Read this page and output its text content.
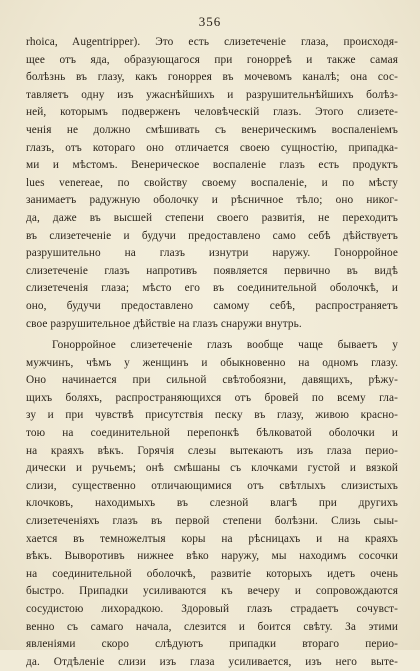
356
rhoica, Augentripper). Это есть слизетеченіе глаза, происходя-
щее отъ яда, образующагося при гонорреѣ и также самая
болѣзнь въ глазу, какъ гоноррея въ мочевомъ каналѣ; она сос-
тавляетъ одну изъ ужаснѣйшихъ и разрушительнѣйшихъ болѣз-
ней, которымъ подверженъ человѣческій глазъ. Этого слизете-
ченія не должно смѣшивать съ венерическимъ воспаленіемъ
глазъ, отъ котораго оно отличается своею сущностію, припадка-
ми и мѣстомъ. Венерическое воспаленіе глазъ есть продуктъ
lues venereae, по свойству своему воспаленіе, и по мѣсту
занимаетъ радужную оболочку и рѣсничное тѣло; оно никог-
да, даже въ высшей степени своего развитія, не переходитъ
въ слизетеченіе и будучи предоставлено само себѣ дѣйствуетъ
разрушительно на глазъ изнутри наружу. Гонорройное
слизетеченіе глазъ напротивъ появляется первично въ видѣ
слизетеченія глаза; мѣсто его въ соединительной оболочкѣ, и
оно, будучи предоставлено самому себѣ, распространяетъ
свое разрушительное дѣйствіе на глазъ снаружи внутрь.
Гонорройное слизетеченіе глазъ вообще чаще бываетъ у
мужчинъ, чѣмъ у женщинъ и обыкновенно на одномъ глазу.
Оно начинается при сильной свѣтобоязни, давящихъ, рѣжу-
щихъ боляхъ, распространяющихся отъ бровей по всему гла-
зу и при чувствѣ присутствія песку въ глазу, живою красно-
тою на соединительной перепонкѣ бѣлковатой оболочки и
на краяхъ вѣкъ. Горячія слезы вытекаютъ изъ глаза перио-
дически и ручьемъ; онѣ смѣшаны съ клочками густой и вязкой
слизи, существенно отличающимися отъ свѣтлыхъ слизистыхъ
клочковъ, находимыхъ въ слезной влагѣ при другихъ
слизетеченіяхъ глазъ въ первой степени болѣзни. Слизь сыы-
хается въ темножелтыя коры на рѣсницахъ и на краяхъ
вѣкъ. Выворотивъ нижнее вѣко наружу, мы находимъ сосочки
на соединительной оболочкѣ, развитіе которыхъ идетъ очень
быстро. Припадки усиливаются къ вечеру и сопровождаются
сосудистою лихорадкою. Здоровый глазъ страдаетъ сочувст-
венно съ самаго начала, слезится и боится свѣту. За этими
явленіями скоро слѣдуютъ припадки втораго перио-
да. Отдѣленіе слизи изъ глаза усиливается, изъ него выте-
